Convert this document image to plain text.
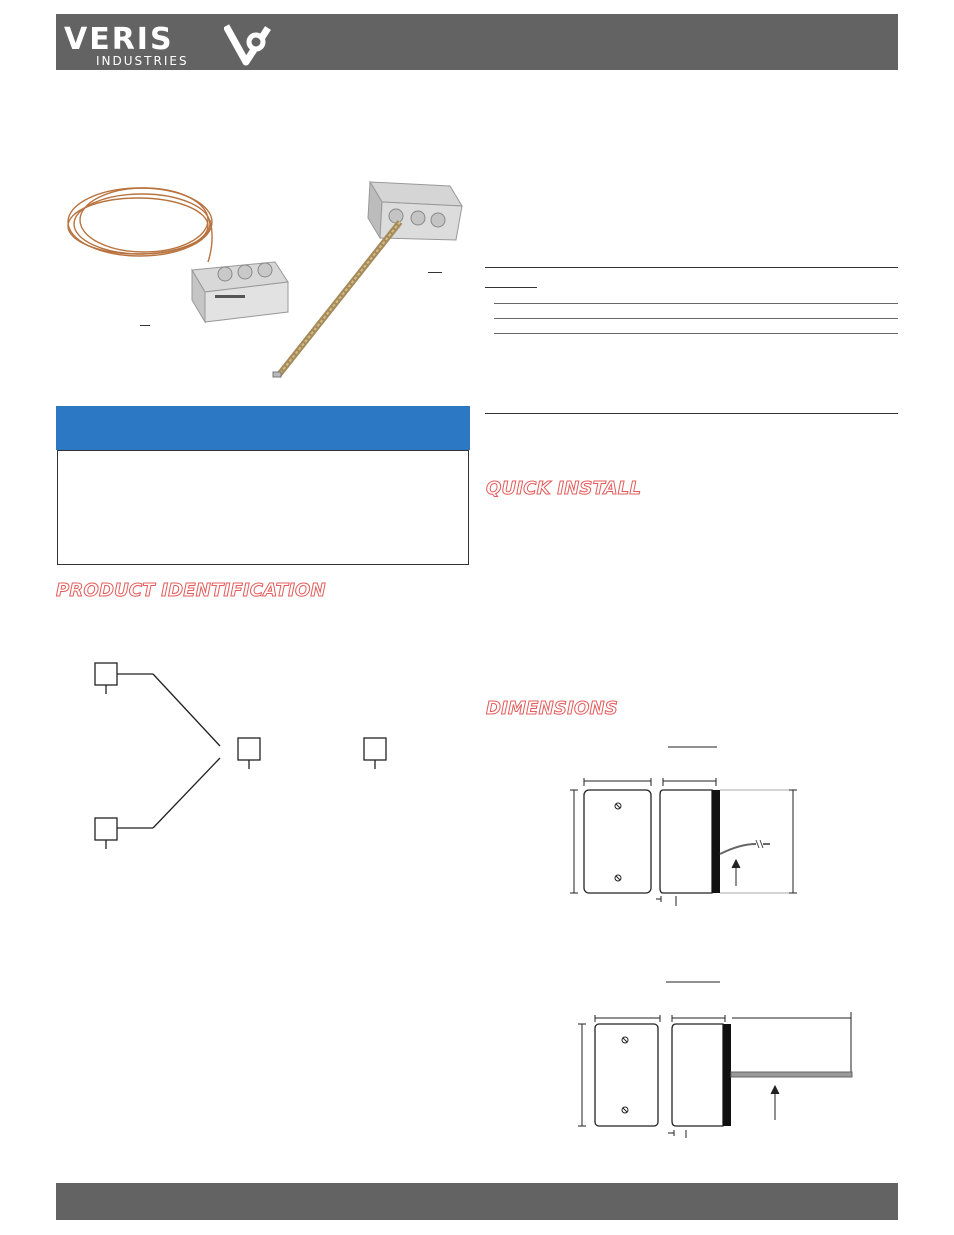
VERIS
INDUSTRIES
QUICK INSTALL
PRODUCT IDENTIFICATION
DIMENSIONS
